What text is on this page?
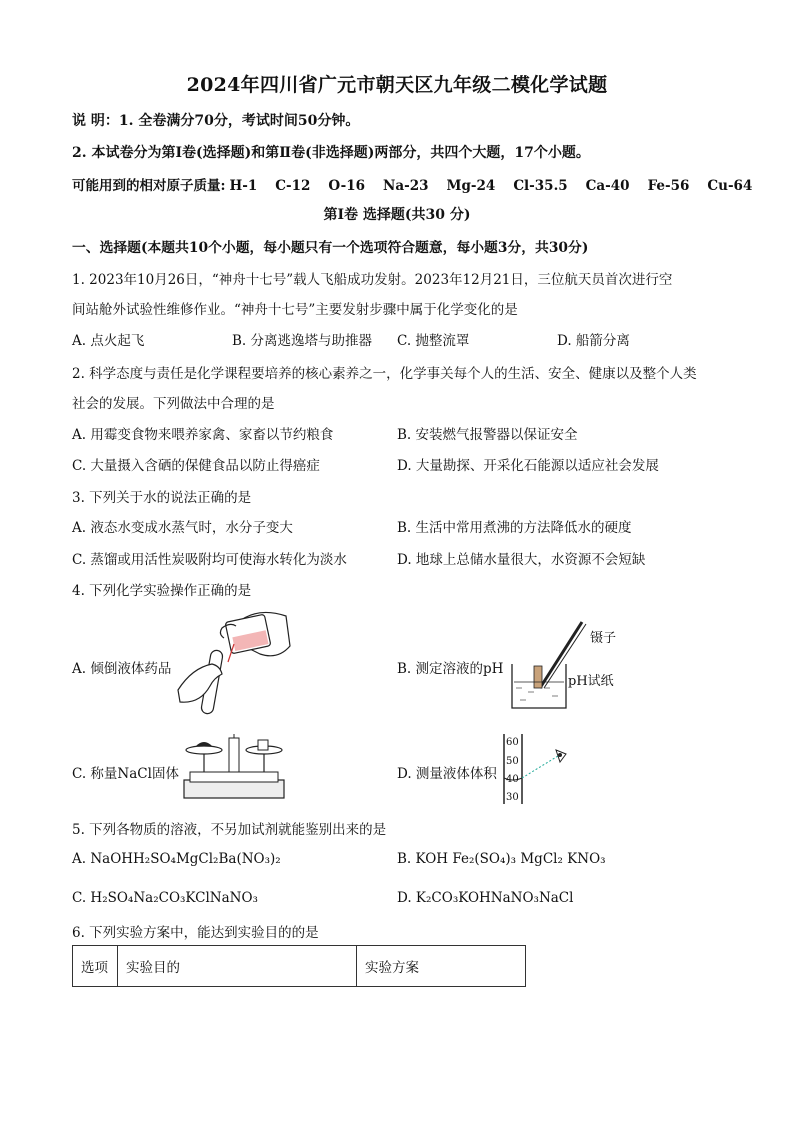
2024年四川省广元市朝天区九年级二模化学试题
说 明：1. 全卷满分70分，考试时间50分钟。
2. 本试卷分为第Ⅰ卷(选择题)和第Ⅱ卷(非选择题)两部分，共四个大题，17个小题。
可能用到的相对原子质量: H-1 C-12 O-16 Na-23 Mg-24 Cl-35.5 Ca-40 Fe-56 Cu-64
第Ⅰ卷 选择题(共30 分)
一、选择题(本题共10个小题，每小题只有一个选项符合题意，每小题3分，共30分)
1. 2023年10月26日，“神舟十七号”载人飞船成功发射。2023年12月21日，三位航天员首次进行空
间站舱外试验性维修作业。“神舟十七号”主要发射步骤中属于化学变化的是
A. 点火起飞	B. 分离逃逸塔与助推器 C. 抛整流罩	D. 船箭分离
2. 科学态度与责任是化学课程要培养的核心素养之一，化学事关每个人的生活、安全、健康以及整个人类
社会的发展。下列做法中合理的是
A. 用霉变食物来喂养家禽、家畜以节约粮食	B. 安装燃气报警器以保证安全
C. 大量摄入含硒的保健食品以防止得癌症	D. 大量勘探、开采化石能源以适应社会发展
3. 下列关于水的说法正确的是
A. 液态水变成水蒸气时，水分子变大	B. 生活中常用煮沸的方法降低水的硬度
C. 蒸馏或用活性炭吸附均可使海水转化为淡水	D. 地球上总储水量很大，水资源不会短缺
4. 下列化学实验操作正确的是
A. 倾倒液体药品	B. 测定溶液的pH
镊子
pH试纸
C. 称量NaCl固体	D. 测量液体体积
60
50
40
30
5. 下列各物质的溶液，不另加试剂就能鉴别出来的是
A. NaOHH₂SO₄MgCl₂Ba(NO₃)₂	B. KOH Fe₂(SO₄)₃ MgCl₂ KNO₃
C. H₂SO₄Na₂CO₃KClNaNO₃	D. K₂CO₃KOHNaNO₃NaCl
6. 下列实验方案中，能达到实验目的的是
选项	实验目的	实验方案
